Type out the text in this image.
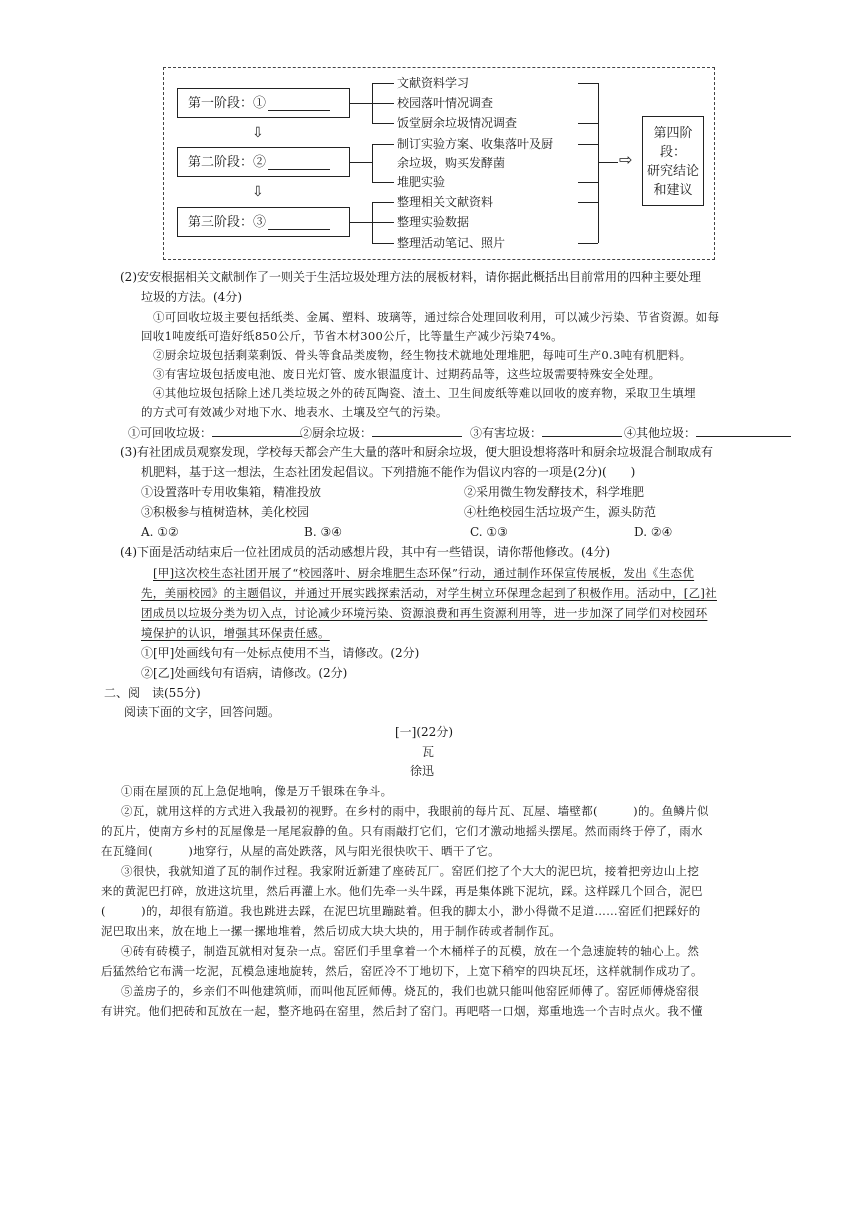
第一阶段：①
⇩
第二阶段：②
⇩
第三阶段：③
文献资料学习
校园落叶情况调查
饭堂厨余垃圾情况调查
制订实验方案、收集落叶及厨
余垃圾，购买发酵菌
堆肥实验
整理相关文献资料
整理实验数据
整理活动笔记、照片
⇨
第四阶段：
研究结论
和建议
(2)安安根据相关文献制作了一则关于生活垃圾处理方法的展板材料，请你据此概括出目前常用的四种主要处理
垃圾的方法。(4分)
①可回收垃圾主要包括纸类、金属、塑料、玻璃等，通过综合处理回收利用，可以减少污染、节省资源。如每
回收1吨废纸可造好纸850公斤，节省木材300公斤，比等量生产减少污染74%。
②厨余垃圾包括剩菜剩饭、骨头等食品类废物，经生物技术就地处理堆肥，每吨可生产0.3吨有机肥料。
③有害垃圾包括废电池、废日光灯管、废水银温度计、过期药品等，这些垃圾需要特殊安全处理。
④其他垃圾包括除上述几类垃圾之外的砖瓦陶瓷、渣土、卫生间废纸等难以回收的废弃物，采取卫生填埋
的方式可有效减少对地下水、地表水、土壤及空气的污染。
①可回收垃圾：	②厨余垃圾：	③有害垃圾：	④其他垃圾：
(3)有社团成员观察发现，学校每天都会产生大量的落叶和厨余垃圾，便大胆设想将落叶和厨余垃圾混合制取成有
机肥料，基于这一想法，生态社团发起倡议。下列措施不能作为倡议内容的一项是(2分)(　　)
①设置落叶专用收集箱，精准投放	②采用微生物发酵技术，科学堆肥
③积极参与植树造林，美化校园	④杜绝校园生活垃圾产生，源头防范
A. ①②	B. ③④	C. ①③	D. ②④
(4)下面是活动结束后一位社团成员的活动感想片段，其中有一些错误，请你帮他修改。(4分)
[甲]这次校生态社团开展了“校园落叶、厨余堆肥生态环保”行动，通过制作环保宣传展板，发出《生态优
先，美丽校园》的主题倡议，并通过开展实践探索活动，对学生树立环保理念起到了积极作用。活动中，[乙]社
团成员以垃圾分类为切入点，讨论减少环境污染、资源浪费和再生资源利用等，进一步加深了同学们对校园环
境保护的认识，增强其环保责任感。
①[甲]处画线句有一处标点使用不当，请修改。(2分)
②[乙]处画线句有语病，请修改。(2分)
二、阅　读(55分)
阅读下面的文字，回答问题。
[一](22分)
瓦
徐迅
①雨在屋顶的瓦上急促地响，像是万千银珠在争斗。
②瓦，就用这样的方式进入我最初的视野。在乡村的雨中，我眼前的每片瓦、瓦屋、墙壁都(　　　)的。鱼鳞片似
的瓦片，使南方乡村的瓦屋像是一尾尾寂静的鱼。只有雨敲打它们，它们才激动地摇头摆尾。然而雨终于停了，雨水
在瓦缝间(　　　)地穿行，从屋的高处跌落，风与阳光很快吹干、晒干了它。
③很快，我就知道了瓦的制作过程。我家附近新建了座砖瓦厂。窑匠们挖了个大大的泥巴坑，接着把旁边山上挖
来的黄泥巴打碎，放进这坑里，然后再灌上水。他们先牵一头牛踩，再是集体跳下泥坑，踩。这样踩几个回合，泥巴
(　　　)的，却很有筋道。我也跳进去踩，在泥巴坑里蹦跶着。但我的脚太小，渺小得微不足道……窑匠们把踩好的
泥巴取出来，放在地上一摞一摞地堆着，然后切成大块大块的，用于制作砖或者制作瓦。
④砖有砖模子，制造瓦就相对复杂一点。窑匠们手里拿着一个木桶样子的瓦模，放在一个急速旋转的轴心上。然
后猛然给它布满一圪泥，瓦模急速地旋转，然后，窑匠冷不丁地切下，上宽下稍窄的四块瓦坯，这样就制作成功了。
⑤盖房子的，乡亲们不叫他建筑师，而叫他瓦匠师傅。烧瓦的，我们也就只能叫他窑匠师傅了。窑匠师傅烧窑很
有讲究。他们把砖和瓦放在一起，整齐地码在窑里，然后封了窑门。再吧嗒一口烟，郑重地选一个吉时点火。我不懂
